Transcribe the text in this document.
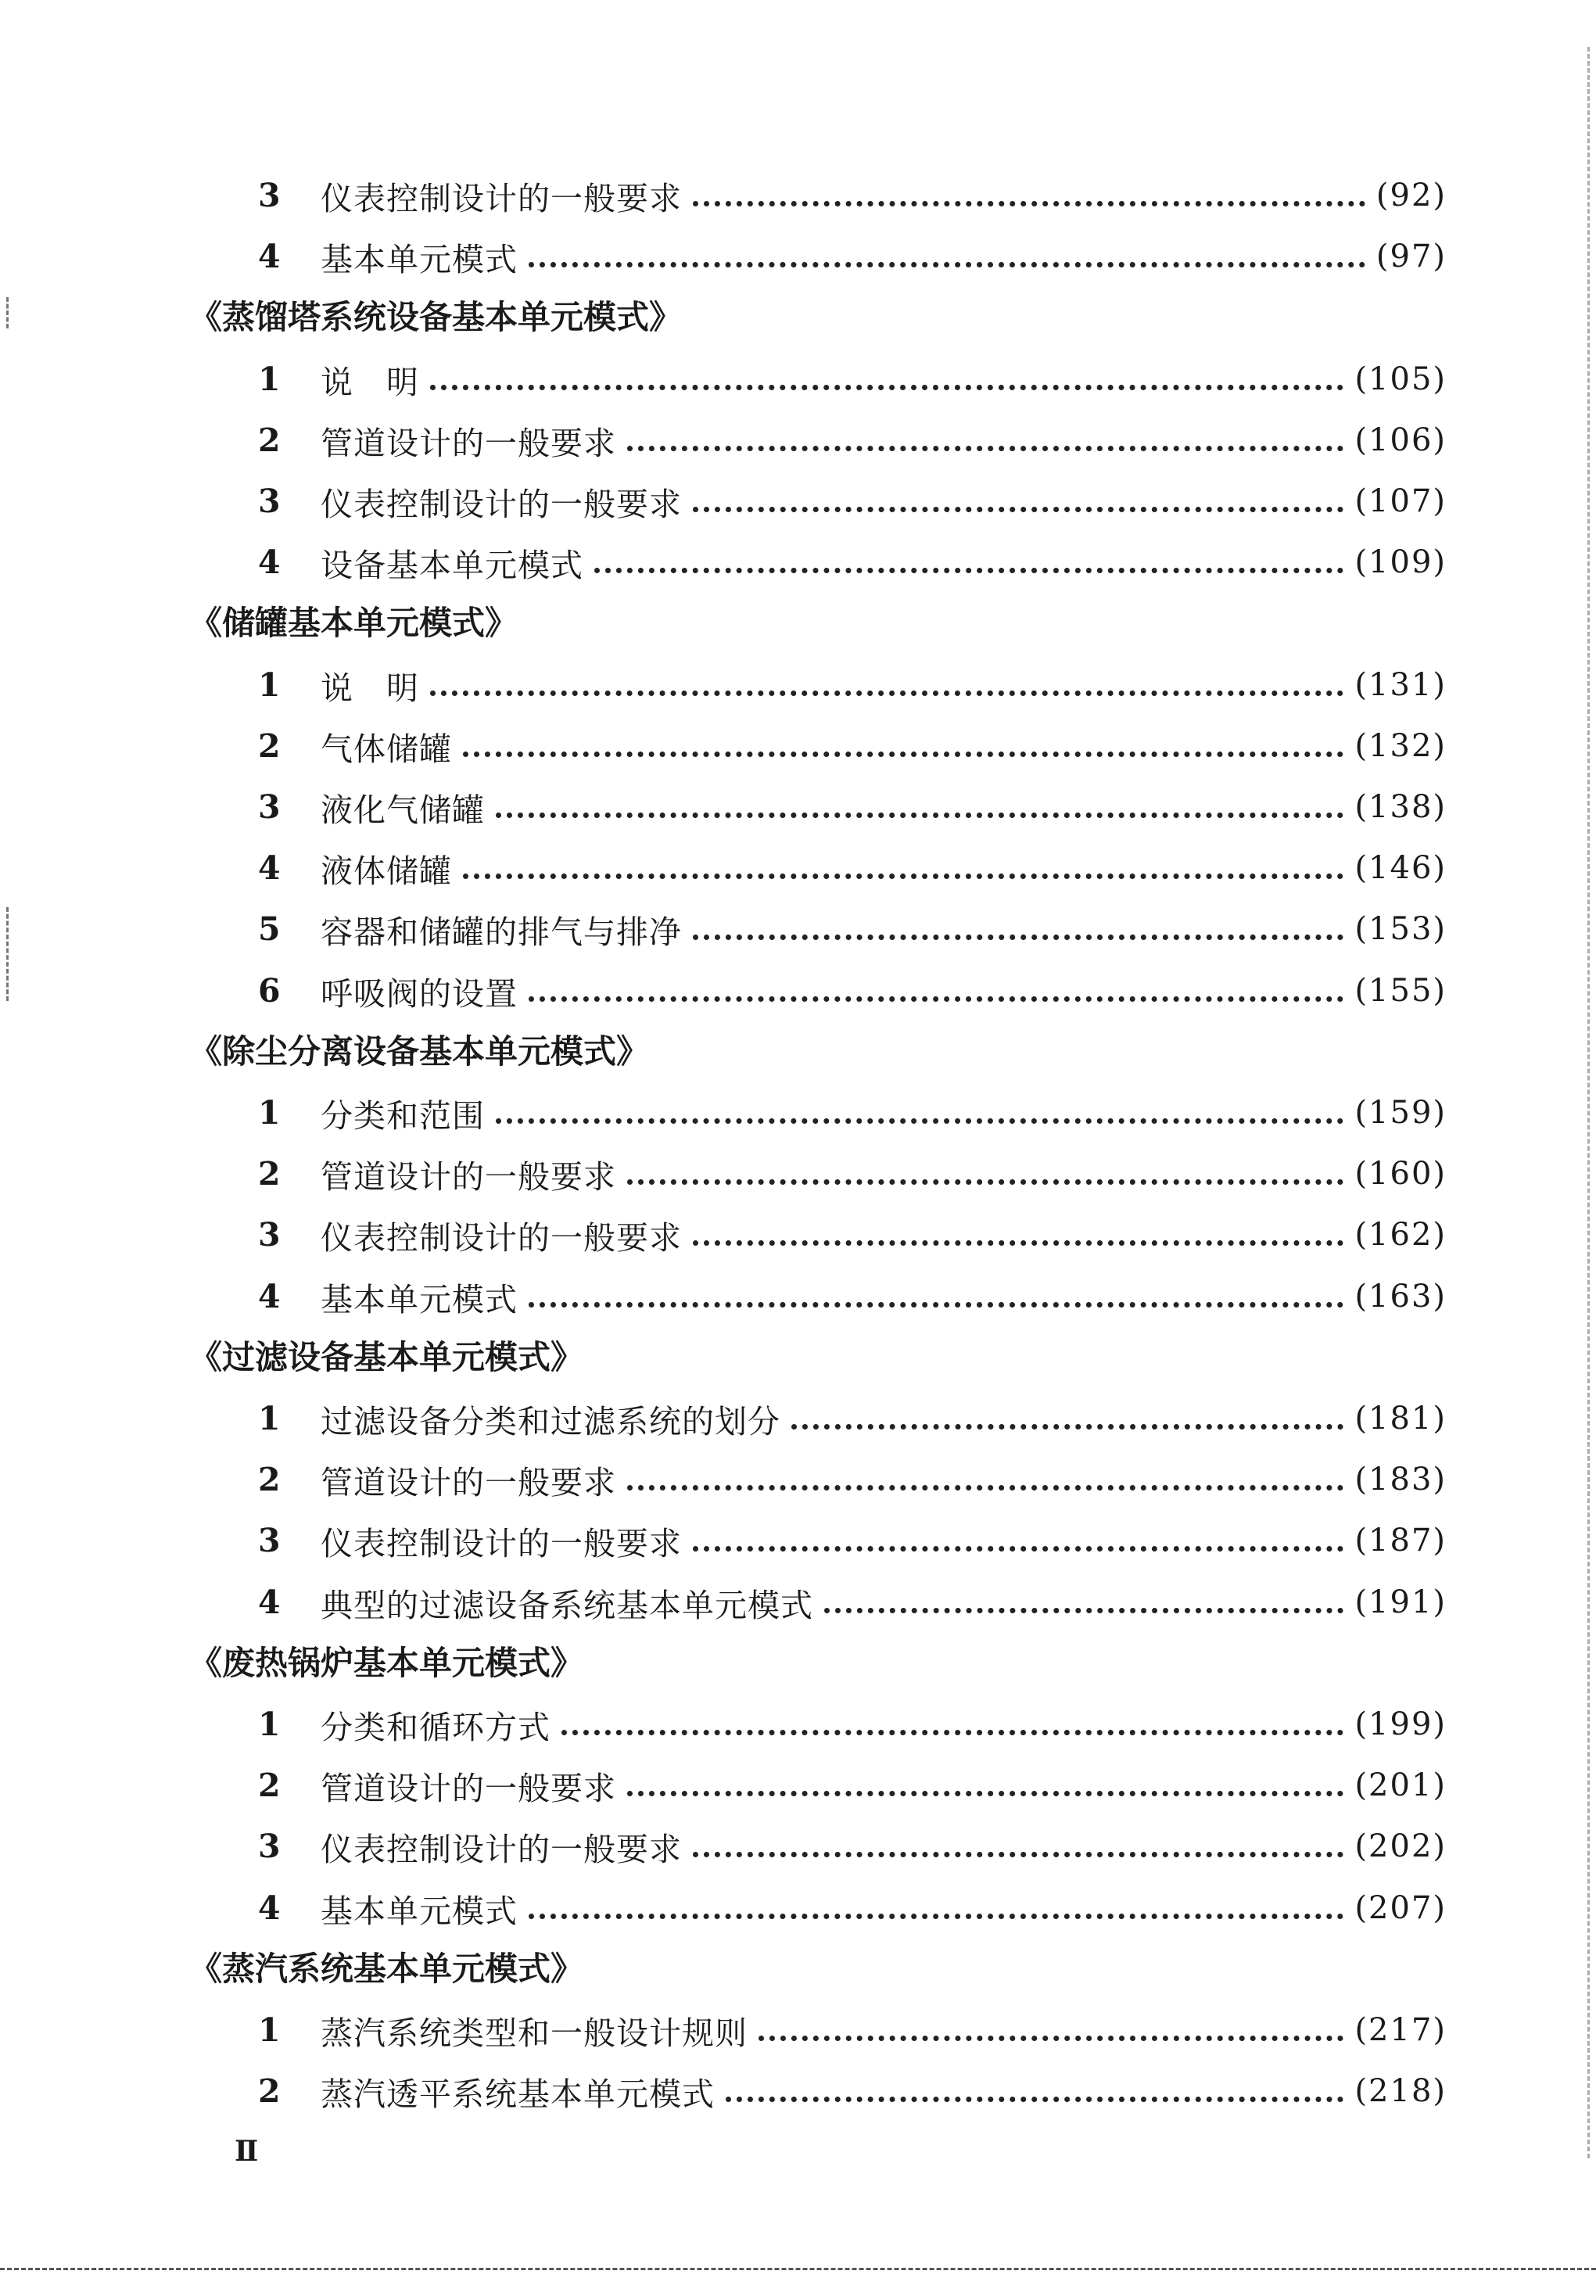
3	仪表控制设计的一般要求	(92)
4	基本单元模式	(97)
《蒸馏塔系统设备基本单元模式》
1	说　明	(105)
2	管道设计的一般要求	(106)
3	仪表控制设计的一般要求	(107)
4	设备基本单元模式	(109)
《储罐基本单元模式》
1	说　明	(131)
2	气体储罐	(132)
3	液化气储罐	(138)
4	液体储罐	(146)
5	容器和储罐的排气与排净	(153)
6	呼吸阀的设置	(155)
《除尘分离设备基本单元模式》
1	分类和范围	(159)
2	管道设计的一般要求	(160)
3	仪表控制设计的一般要求	(162)
4	基本单元模式	(163)
《过滤设备基本单元模式》
1	过滤设备分类和过滤系统的划分	(181)
2	管道设计的一般要求	(183)
3	仪表控制设计的一般要求	(187)
4	典型的过滤设备系统基本单元模式	(191)
《废热锅炉基本单元模式》
1	分类和循环方式	(199)
2	管道设计的一般要求	(201)
3	仪表控制设计的一般要求	(202)
4	基本单元模式	(207)
《蒸汽系统基本单元模式》
1	蒸汽系统类型和一般设计规则	(217)
2	蒸汽透平系统基本单元模式	(218)
Ⅱ
